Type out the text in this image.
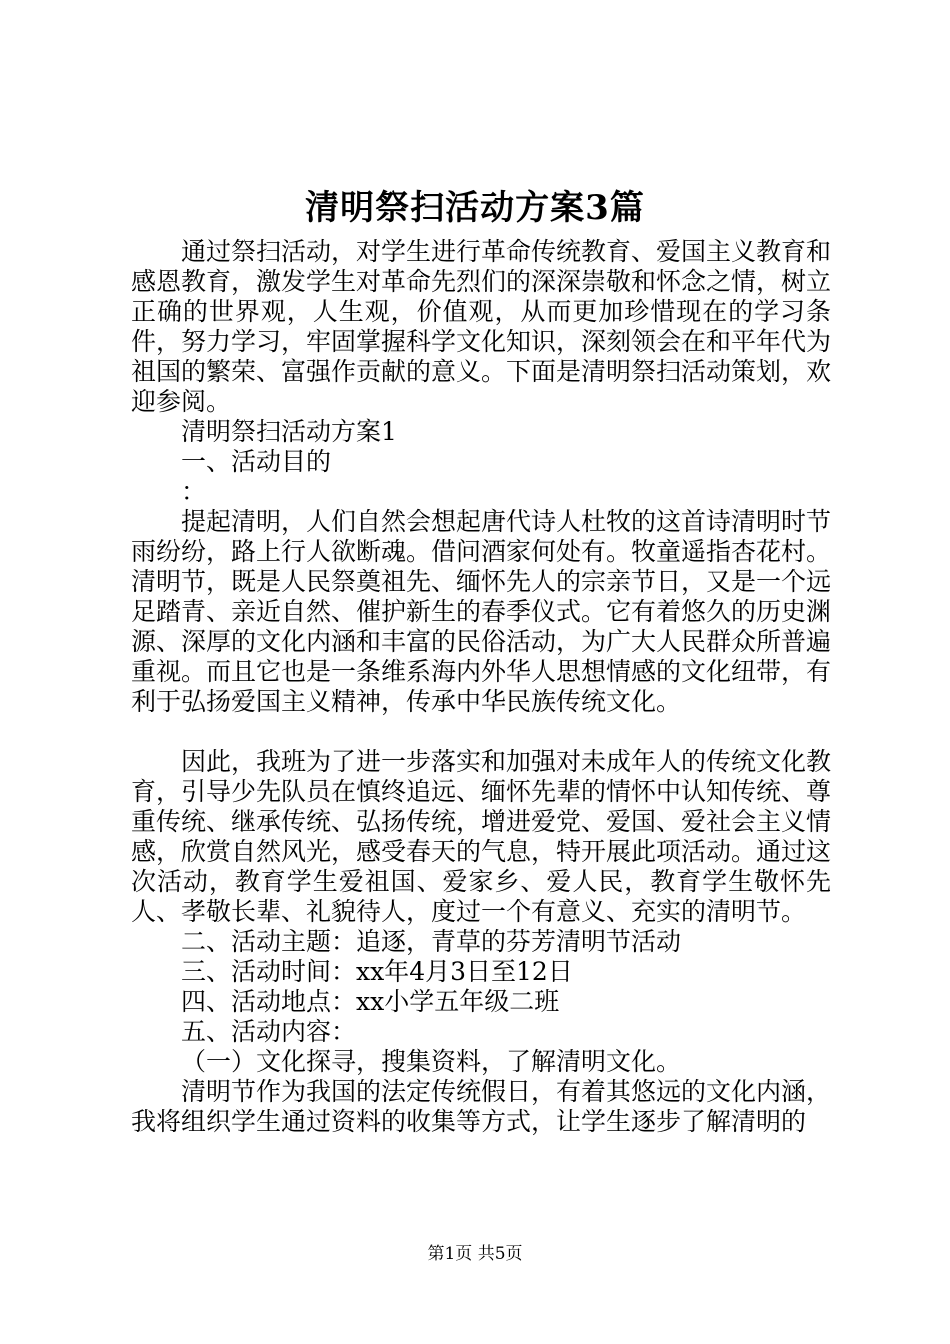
清明祭扫活动方案3篇

通过祭扫活动，对学生进行革命传统教育、爱国主义教育和感恩教育，激发学生对革命先烈们的深深崇敬和怀念之情，树立正确的世界观，人生观，价值观，从而更加珍惜现在的学习条件，努力学习，牢固掌握科学文化知识，深刻领会在和平年代为祖国的繁荣、富强作贡献的意义。下面是清明祭扫活动策划，欢迎参阅。

清明祭扫活动方案1

一、活动目的

：

提起清明，人们自然会想起唐代诗人杜牧的这首诗清明时节雨纷纷，路上行人欲断魂。借问酒家何处有。牧童遥指杏花村。清明节，既是人民祭奠祖先、缅怀先人的宗亲节日，又是一个远足踏青、亲近自然、催护新生的春季仪式。它有着悠久的历史渊源、深厚的文化内涵和丰富的民俗活动，为广大人民群众所普遍重视。而且它也是一条维系海内外华人思想情感的文化纽带，有利于弘扬爱国主义精神，传承中华民族传统文化。

因此，我班为了进一步落实和加强对未成年人的传统文化教育，引导少先队员在慎终追远、缅怀先辈的情怀中认知传统、尊重传统、继承传统、弘扬传统，增进爱党、爱国、爱社会主义情感，欣赏自然风光，感受春天的气息，特开展此项活动。通过这次活动，教育学生爱祖国、爱家乡、爱人民，教育学生敬怀先人、孝敬长辈、礼貌待人，度过一个有意义、充实的清明节。

二、活动主题：追逐，青草的芬芳清明节活动

三、活动时间：xx年4月3日至12日

四、活动地点：xx小学五年级二班

五、活动内容：

（一）文化探寻，搜集资料，了解清明文化。

清明节作为我国的法定传统假日，有着其悠远的文化内涵，我将组织学生通过资料的收集等方式，让学生逐步了解清明的

第1页 共5页
